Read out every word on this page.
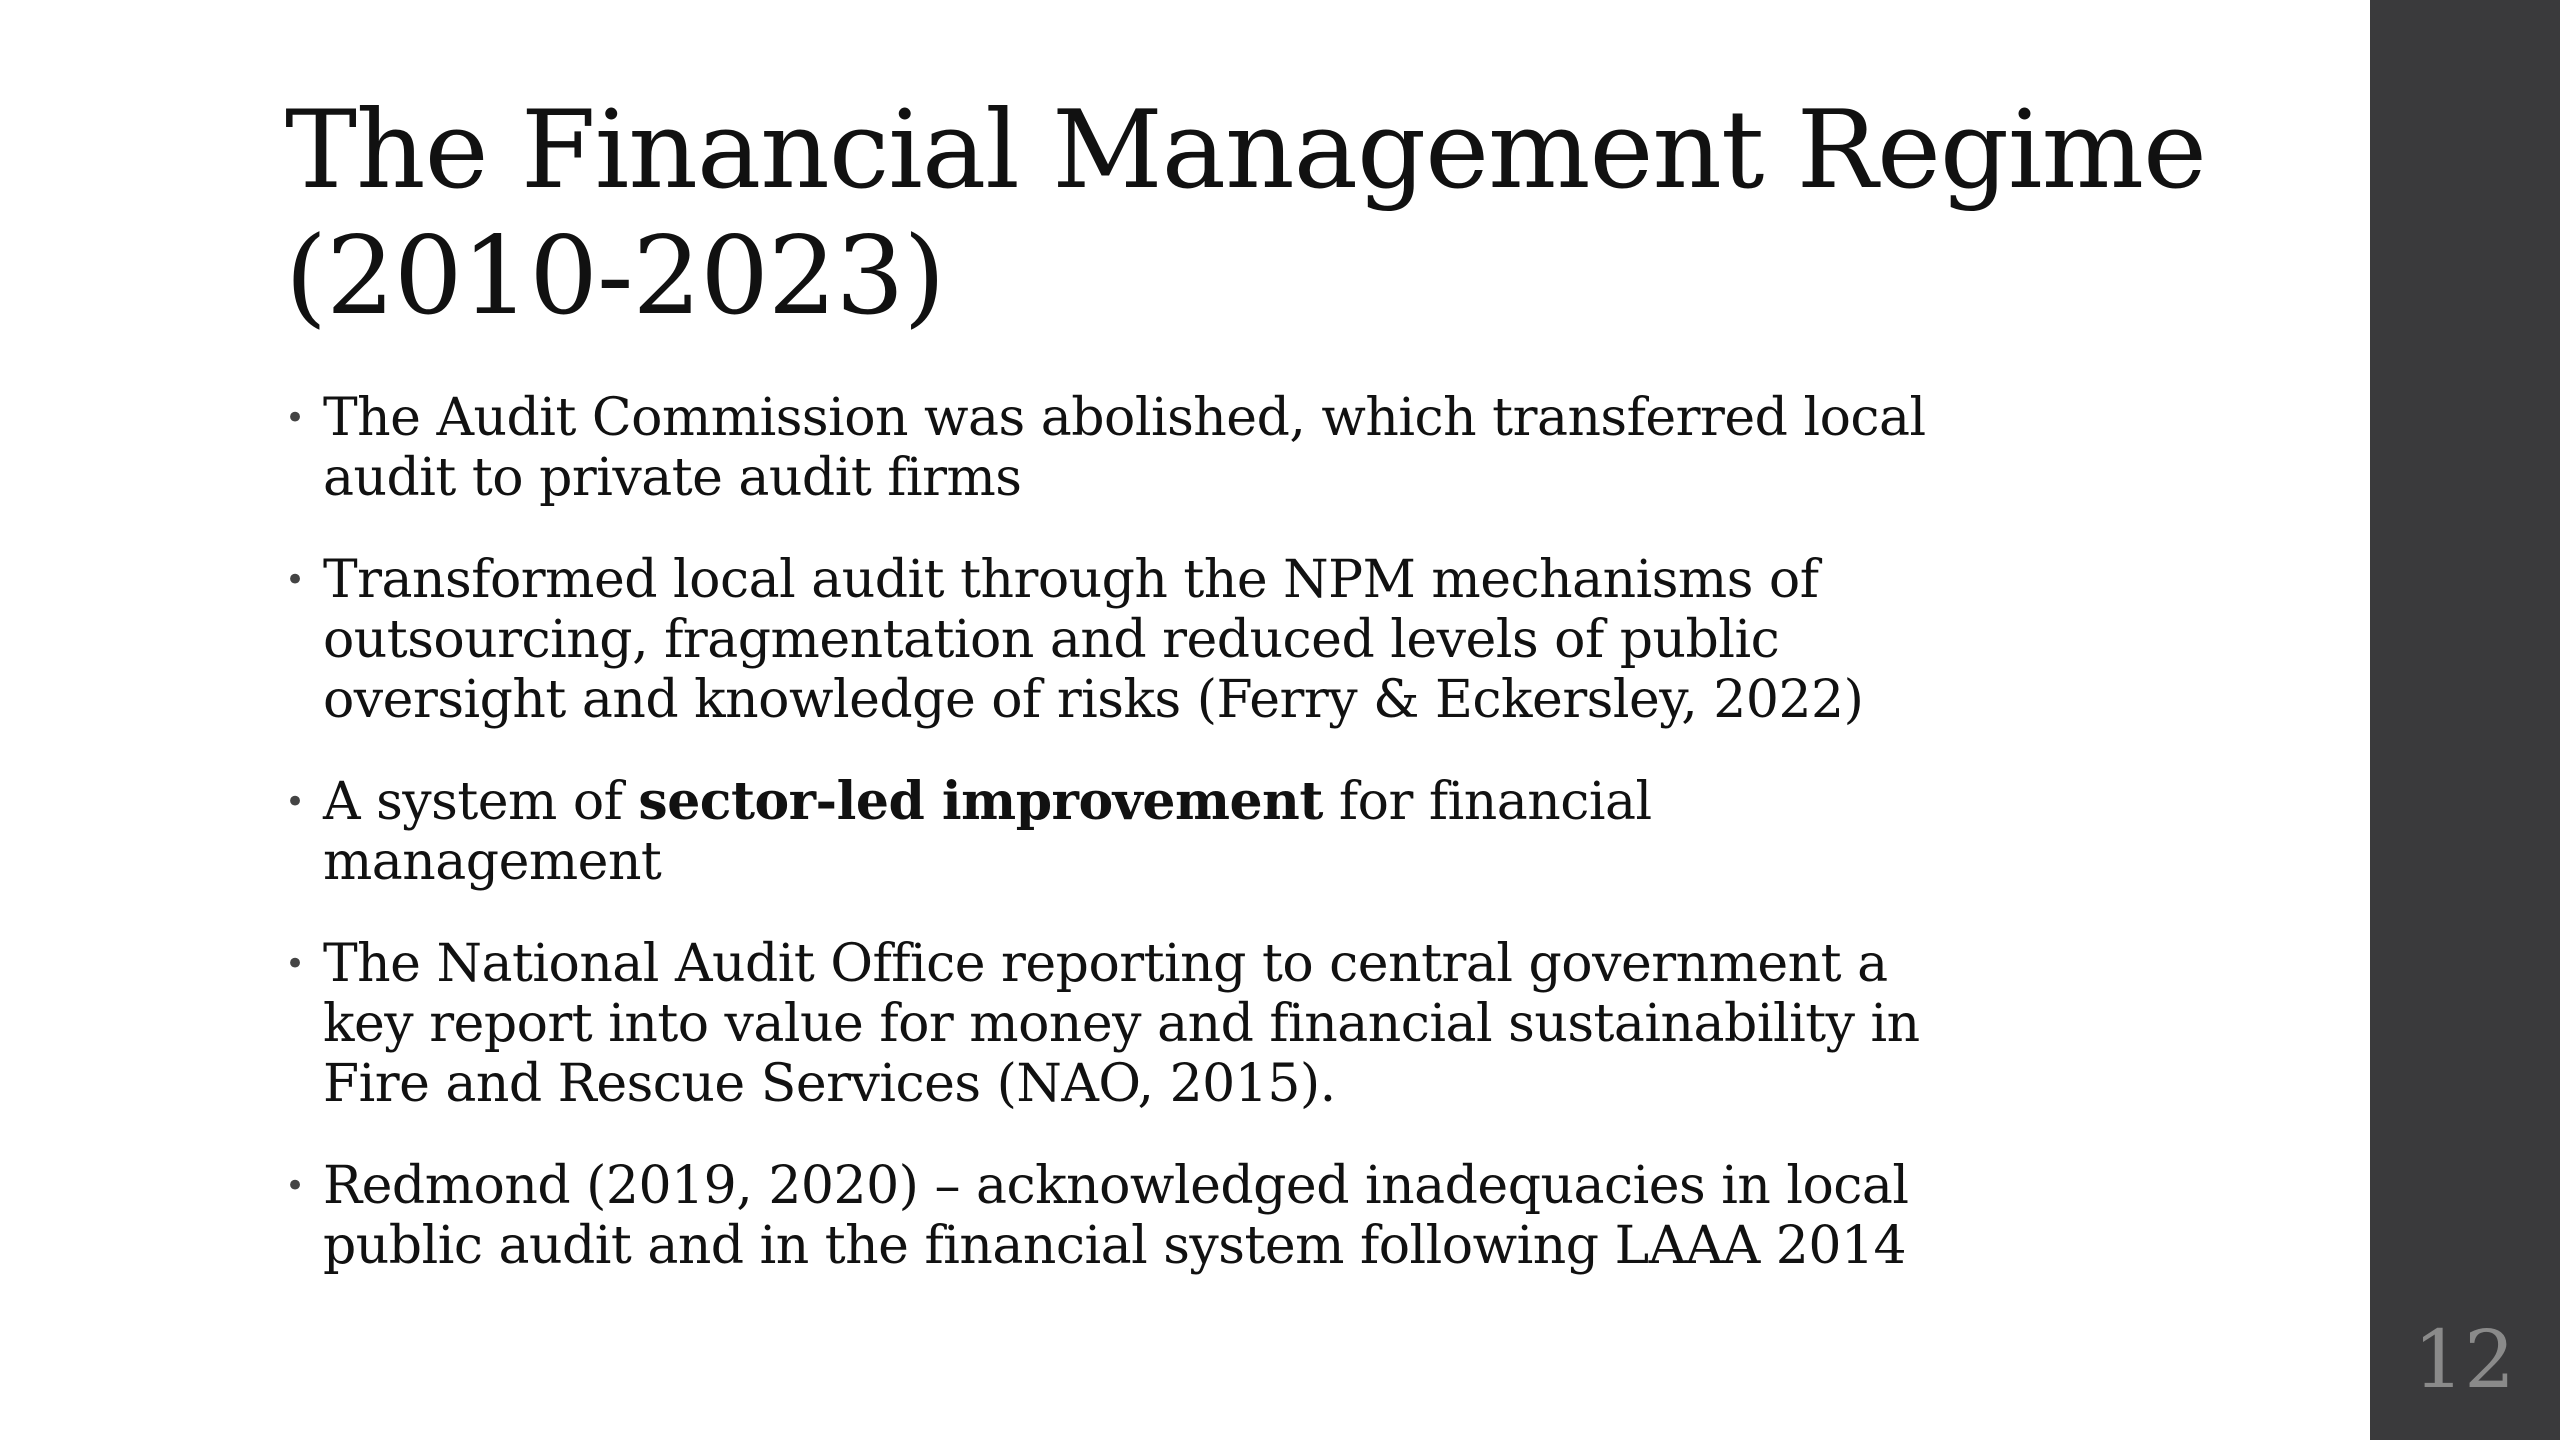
The Financial Management Regime
(2010-2023)
• The Audit Commission was abolished, which transferred local
audit to private audit firms
• Transformed local audit through the NPM mechanisms of
outsourcing, fragmentation and reduced levels of public
oversight and knowledge of risks (Ferry & Eckersley, 2022)
• A system of sector-led improvement for financial
management
• The National Audit Office reporting to central government a
key report into value for money and financial sustainability in
Fire and Rescue Services (NAO, 2015).
• Redmond (2019, 2020) – acknowledged inadequacies in local
public audit and in the financial system following LAAA 2014
12
